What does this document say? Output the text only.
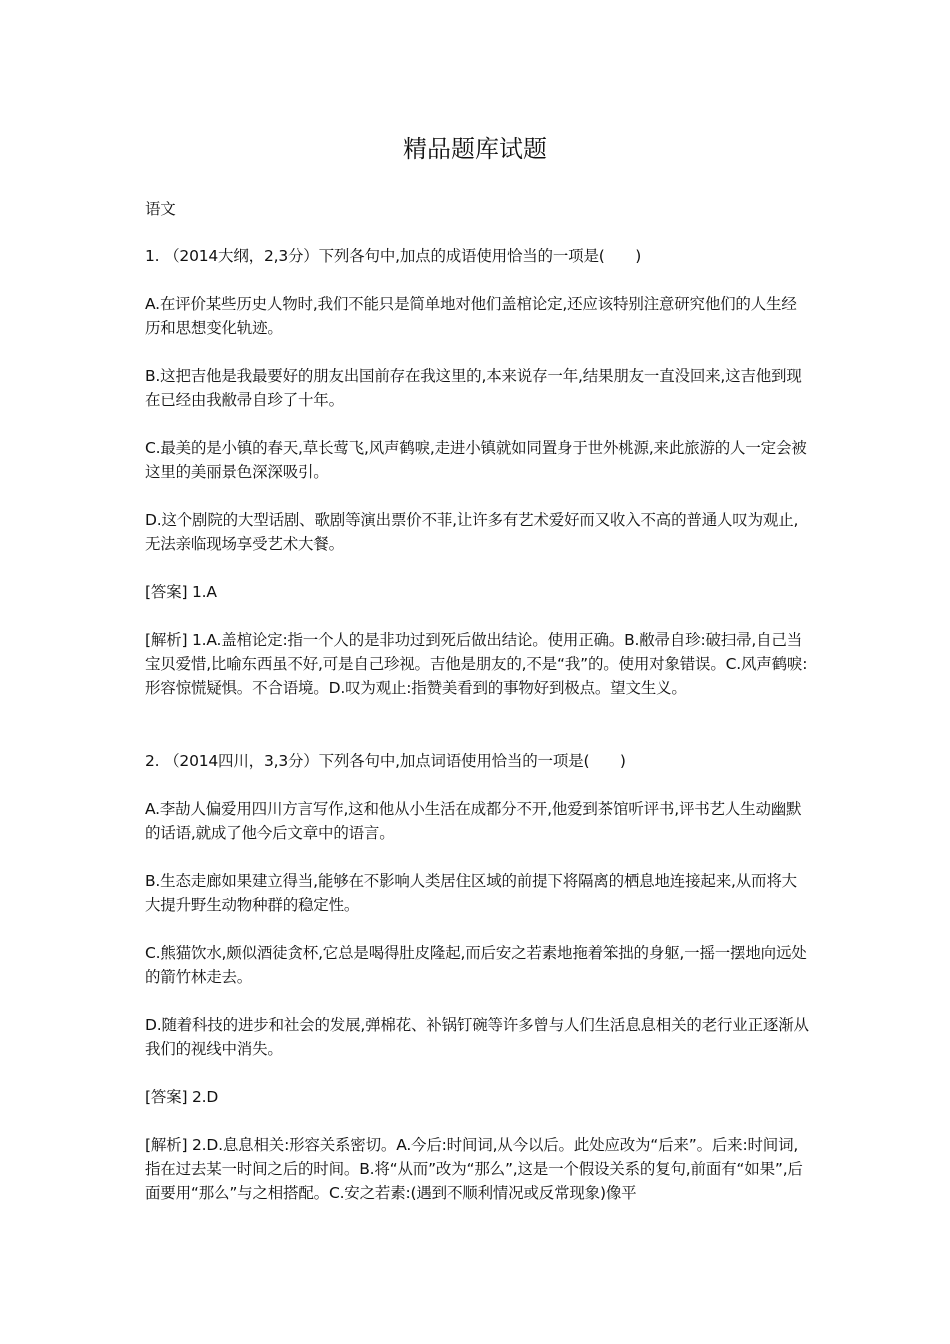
精品题库试题
语文
1. （2014大纲，2,3分）下列各句中,加点的成语使用恰当的一项是(　　)
A.在评价某些历史人物时,我们不能只是简单地对他们盖棺论定,还应该特别注意研究他们的人生经历和思想变化轨迹。
B.这把吉他是我最要好的朋友出国前存在我这里的,本来说存一年,结果朋友一直没回来,这吉他到现在已经由我敝帚自珍了十年。
C.最美的是小镇的春天,草长莺飞,风声鹤唳,走进小镇就如同置身于世外桃源,来此旅游的人一定会被这里的美丽景色深深吸引。
D.这个剧院的大型话剧、歌剧等演出票价不菲,让许多有艺术爱好而又收入不高的普通人叹为观止,无法亲临现场享受艺术大餐。
[答案] 1.A
[解析] 1.A.盖棺论定:指一个人的是非功过到死后做出结论。使用正确。B.敝帚自珍:破扫帚,自己当宝贝爱惜,比喻东西虽不好,可是自己珍视。吉他是朋友的,不是“我”的。使用对象错误。C.风声鹤唳:形容惊慌疑惧。不合语境。D.叹为观止:指赞美看到的事物好到极点。望文生义。
2. （2014四川，3,3分）下列各句中,加点词语使用恰当的一项是(　　)
A.李劼人偏爱用四川方言写作,这和他从小生活在成都分不开,他爱到茶馆听评书,评书艺人生动幽默的话语,就成了他今后文章中的语言。
B.生态走廊如果建立得当,能够在不影响人类居住区域的前提下将隔离的栖息地连接起来,从而将大大提升野生动物种群的稳定性。
C.熊猫饮水,颇似酒徒贪杯,它总是喝得肚皮隆起,而后安之若素地拖着笨拙的身躯,一摇一摆地向远处的箭竹林走去。
D.随着科技的进步和社会的发展,弹棉花、补锅钉碗等许多曾与人们生活息息相关的老行业正逐渐从我们的视线中消失。
[答案] 2.D
[解析] 2.D.息息相关:形容关系密切。A.今后:时间词,从今以后。此处应改为“后来”。后来:时间词,指在过去某一时间之后的时间。B.将“从而”改为“那么”,这是一个假设关系的复句,前面有“如果”,后面要用“那么”与之相搭配。C.安之若素:(遇到不顺利情况或反常现象)像平
